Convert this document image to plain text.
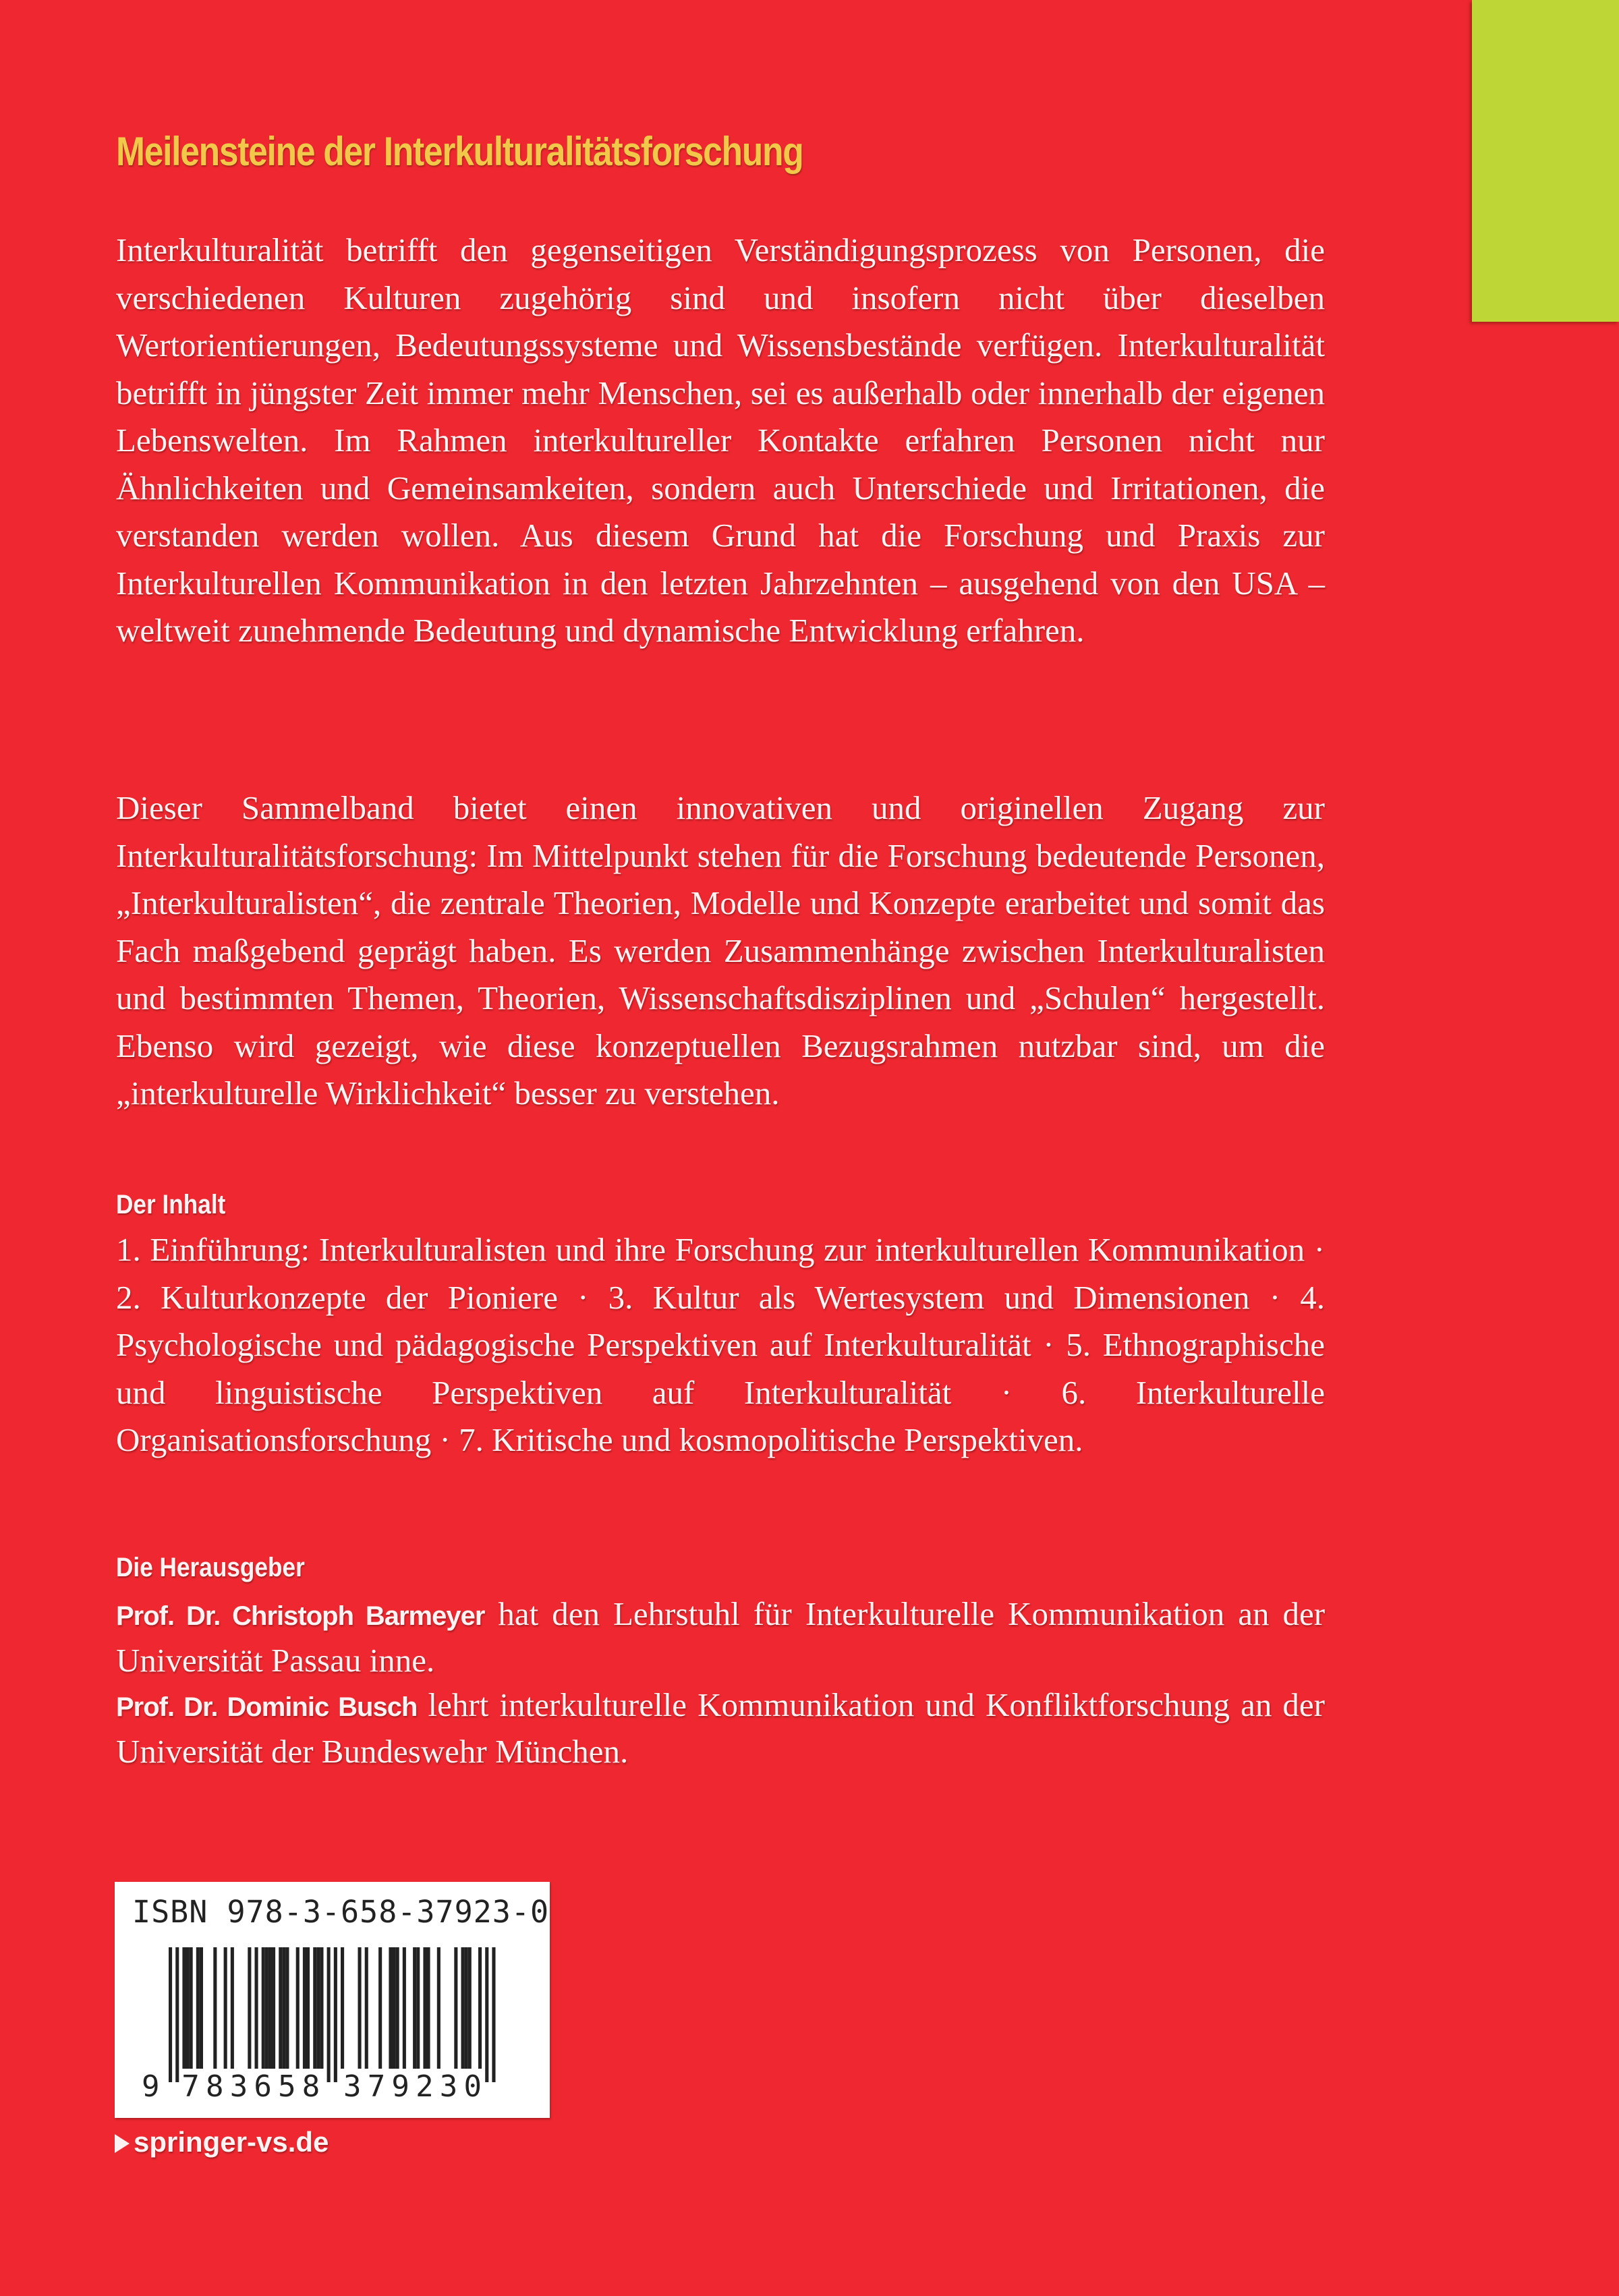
Meilensteine der Interkulturalitätsforschung

Interkulturalität betrifft den gegenseitigen Verständigungsprozess von Personen, die verschiedenen Kulturen zugehörig sind und insofern nicht über dieselben Wertorientierungen, Bedeutungssysteme und Wissensbestände verfügen. Interkulturalität betrifft in jüngster Zeit immer mehr Menschen, sei es außerhalb oder innerhalb der eigenen Lebenswelten. Im Rahmen interkultureller Kontakte erfahren Personen nicht nur Ähnlichkeiten und Gemeinsamkeiten, sondern auch Unterschiede und Irritationen, die verstanden werden wollen. Aus diesem Grund hat die Forschung und Praxis zur Interkulturellen Kommunikation in den letzten Jahrzehnten – ausgehend von den USA – weltweit zunehmende Bedeutung und dynamische Entwicklung erfahren.

Dieser Sammelband bietet einen innovativen und originellen Zugang zur Interkulturalitätsforschung: Im Mittelpunkt stehen für die Forschung bedeutende Personen, „Interkulturalisten“, die zentrale Theorien, Modelle und Konzepte erarbeitet und somit das Fach maßgebend geprägt haben. Es werden Zusammenhänge zwischen Interkulturalisten und bestimmten Themen, Theorien, Wissenschaftsdisziplinen und „Schulen“ hergestellt. Ebenso wird gezeigt, wie diese konzeptuellen Bezugsrahmen nutzbar sind, um die „interkulturelle Wirklichkeit“ besser zu verstehen.

Der Inhalt

1. Einführung: Interkulturalisten und ihre Forschung zur interkulturellen Kommunikation · 2. Kulturkonzepte der Pioniere · 3. Kultur als Wertesystem und Dimensionen · 4. Psychologische und pädagogische Perspektiven auf Interkulturalität · 5. Ethnographische und linguistische Perspektiven auf Interkulturalität · 6. Interkulturelle Organisationsforschung · 7. Kritische und kosmopolitische Perspektiven.

Die Herausgeber

Prof. Dr. Christoph Barmeyer hat den Lehrstuhl für Interkulturelle Kommunikation an der Universität Passau inne.

Prof. Dr. Dominic Busch lehrt interkulturelle Kommunikation und Konfliktforschung an der Universität der Bundeswehr München.

ISBN 978-3-658-37923-0
9 7 8 3 6 5 8 3 7 9 2 3 0
springer-vs.de
